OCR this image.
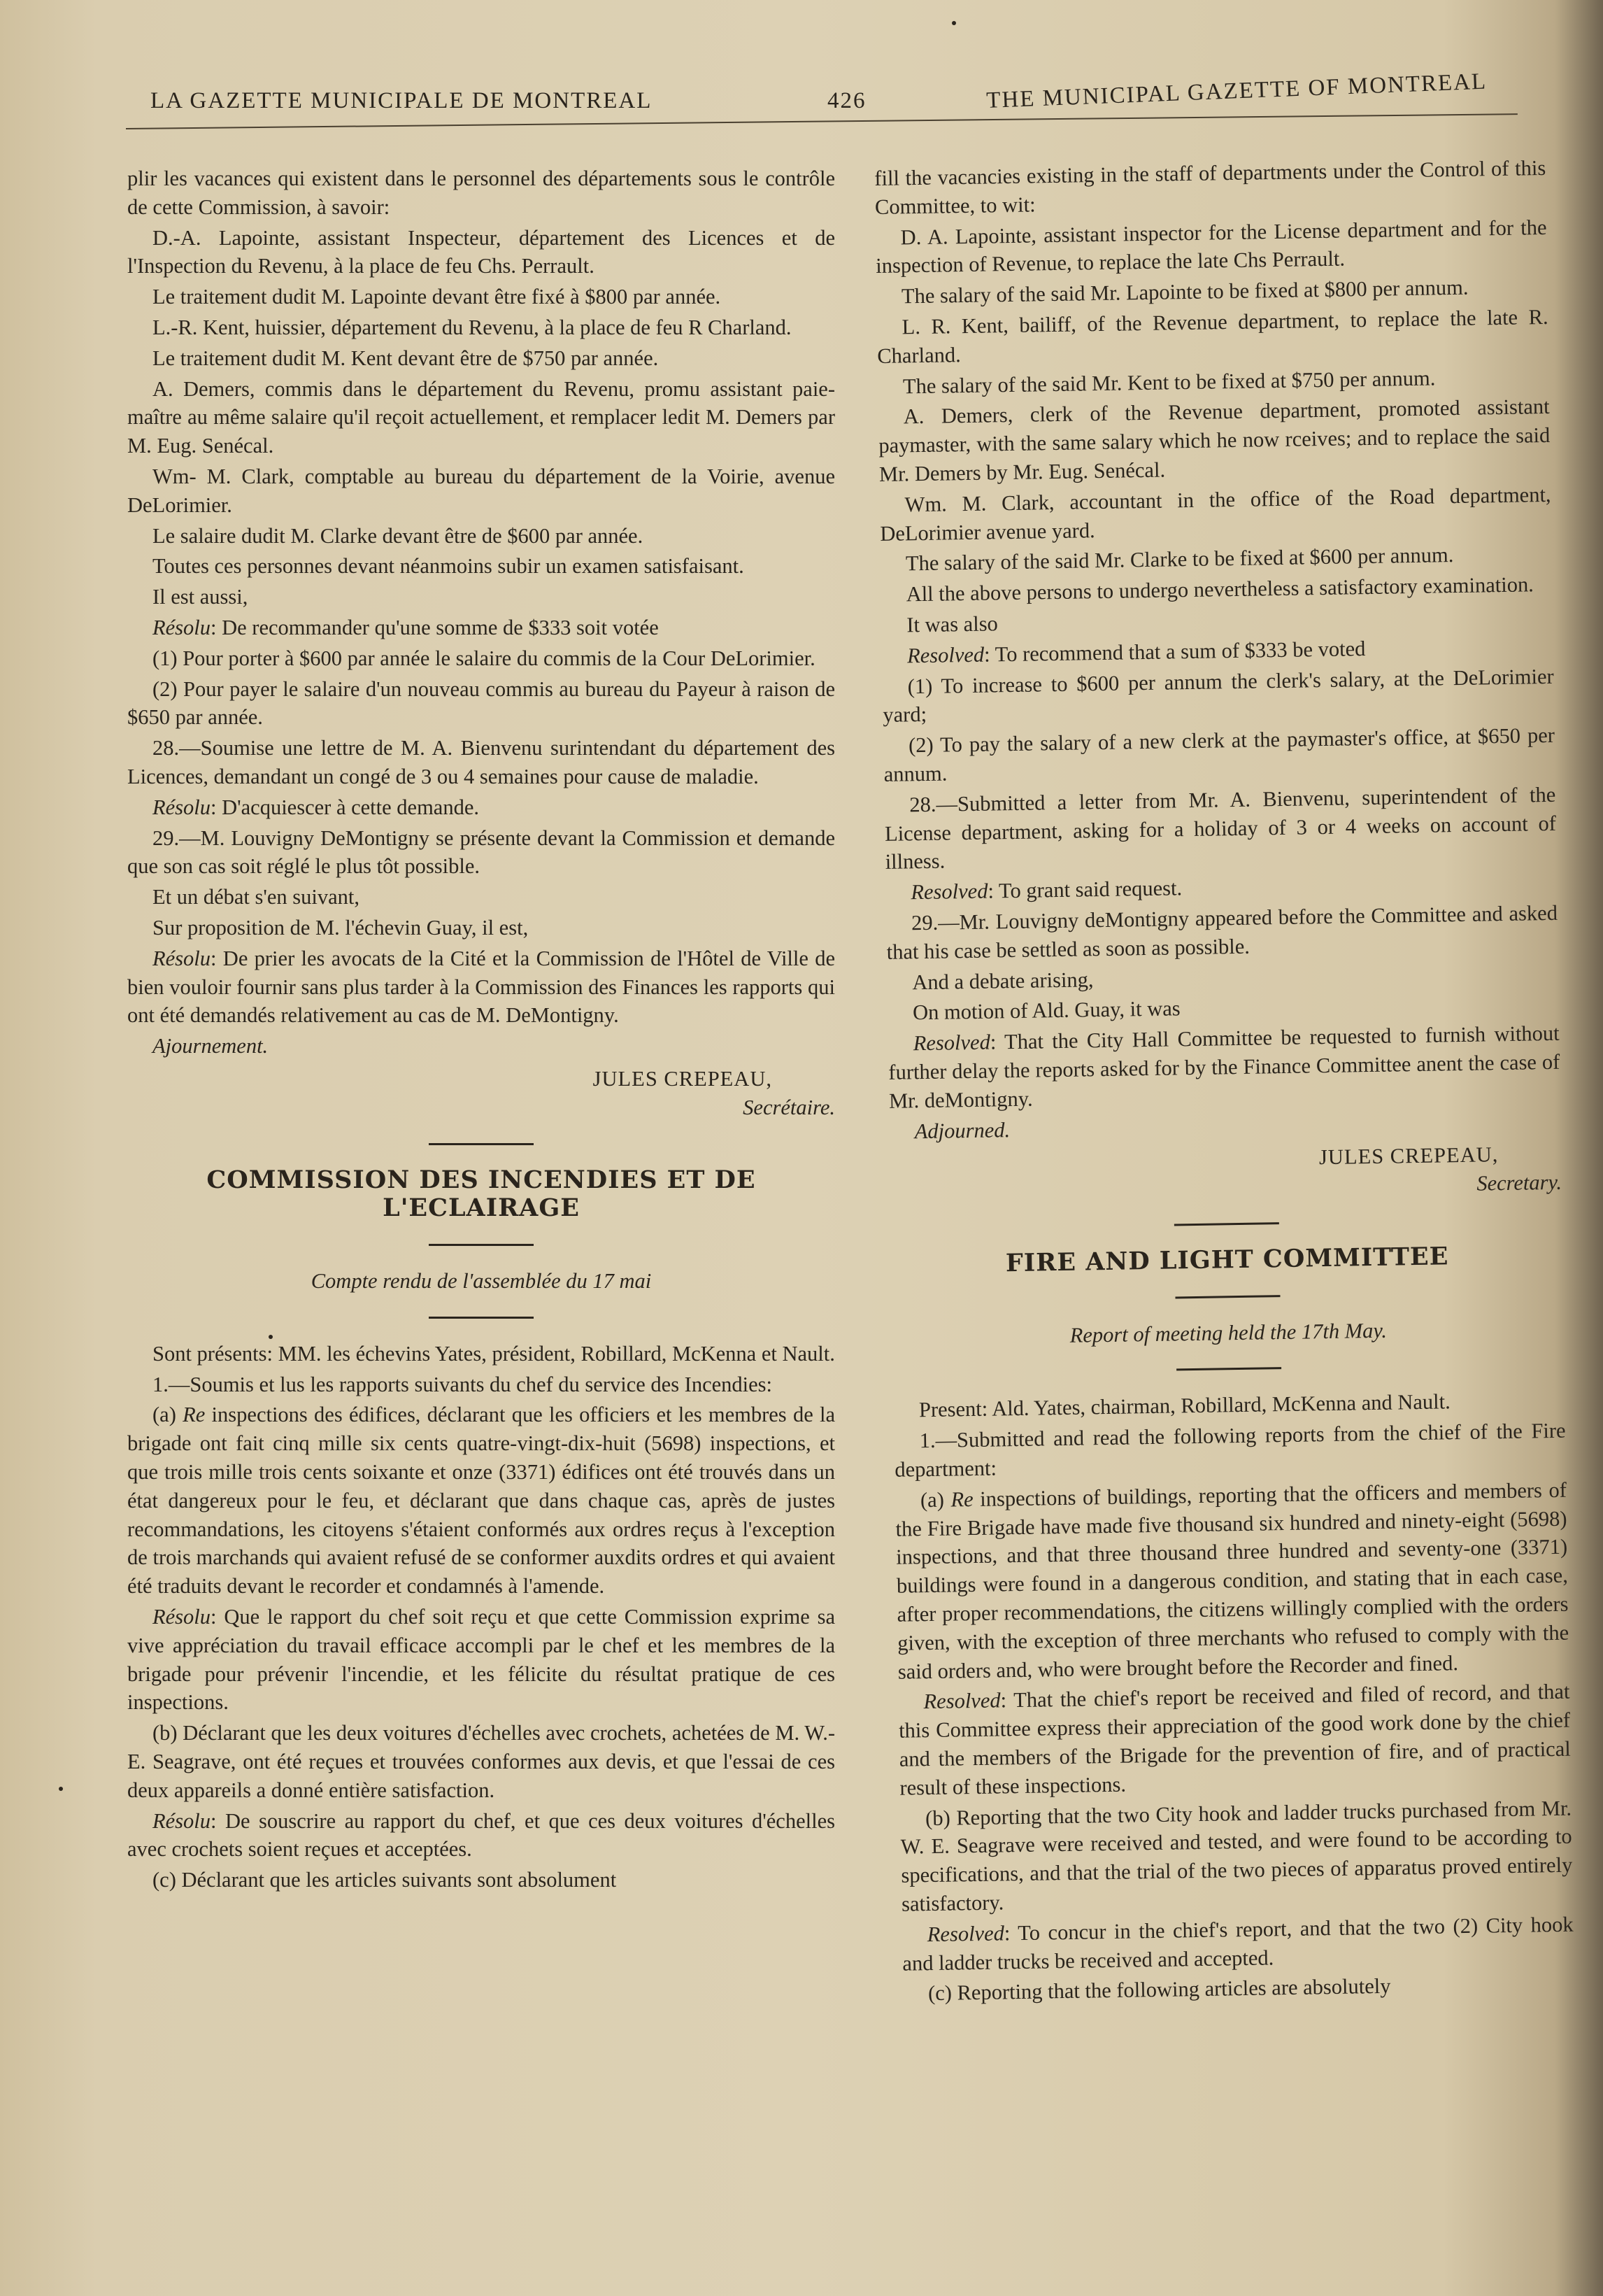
LA GAZETTE MUNICIPALE DE MONTREAL	426	THE MUNICIPAL GAZETTE OF MONTREAL

plir les vacances qui existent dans le personnel des départements sous le contrôle de cette Commission, à savoir:

D.-A. Lapointe, assistant Inspecteur, département des Licences et de l'Inspection du Revenu, à la place de feu Chs. Perrault.

Le traitement dudit M. Lapointe devant être fixé à $800 par année.

L.-R. Kent, huissier, département du Revenu, à la place de feu R Charland.

Le traitement dudit M. Kent devant être de $750 par année.

A. Demers, commis dans le département du Revenu, promu assistant paie-maître au même salaire qu'il reçoit actuellement, et remplacer ledit M. Demers par M. Eug. Senécal.

Wm- M. Clark, comptable au bureau du département de la Voirie, avenue DeLorimier.

Le salaire dudit M. Clarke devant être de $600 par année.

Toutes ces personnes devant néanmoins subir un examen satisfaisant.

Il est aussi,

Résolu: De recommander qu'une somme de $333 soit votée

(1) Pour porter à $600 par année le salaire du commis de la Cour DeLorimier.

(2) Pour payer le salaire d'un nouveau commis au bureau du Payeur à raison de $650 par année.

28.—Soumise une lettre de M. A. Bienvenu surintendant du département des Licences, demandant un congé de 3 ou 4 semaines pour cause de maladie.

Résolu: D'acquiescer à cette demande.

29.—M. Louvigny DeMontigny se présente devant la Commission et demande que son cas soit réglé le plus tôt possible.

Et un débat s'en suivant,

Sur proposition de M. l'échevin Guay, il est,

Résolu: De prier les avocats de la Cité et la Commission de l'Hôtel de Ville de bien vouloir fournir sans plus tarder à la Commission des Finances les rapports qui ont été demandés relativement au cas de M. DeMontigny.

Ajournement.

JULES CREPEAU,
Secrétaire.
COMMISSION DES INCENDIES ET DE L'ECLAIRAGE
Compte rendu de l'assemblée du 17 mai

Sont présents: MM. les échevins Yates, président, Robillard, McKenna et Nault.

1.—Soumis et lus les rapports suivants du chef du service des Incendies:

(a) Re inspections des édifices, déclarant que les officiers et les membres de la brigade ont fait cinq mille six cents quatre-vingt-dix-huit (5698) inspections, et que trois mille trois cents soixante et onze (3371) édifices ont été trouvés dans un état dangereux pour le feu, et déclarant que dans chaque cas, après de justes recommandations, les citoyens s'étaient conformés aux ordres reçus à l'exception de trois marchands qui avaient refusé de se conformer auxdits ordres et qui avaient été traduits devant le recorder et condamnés à l'amende.

Résolu: Que le rapport du chef soit reçu et que cette Commission exprime sa vive appréciation du travail efficace accompli par le chef et les membres de la brigade pour prévenir l'incendie, et les félicite du résultat pratique de ces inspections.

(b) Déclarant que les deux voitures d'échelles avec crochets, achetées de M. W.-E. Seagrave, ont été reçues et trouvées conformes aux devis, et que l'essai de ces deux appareils a donné entière satisfaction.

Résolu: De souscrire au rapport du chef, et que ces deux voitures d'échelles avec crochets soient reçues et acceptées.

(c) Déclarant que les articles suivants sont absolument

fill the vacancies existing in the staff of departments under the Control of this Committee, to wit:

D. A. Lapointe, assistant inspector for the License department and for the inspection of Revenue, to replace the late Chs Perrault.

The salary of the said Mr. Lapointe to be fixed at $800 per annum.

L. R. Kent, bailiff, of the Revenue department, to replace the late R. Charland.

The salary of the said Mr. Kent to be fixed at $750 per annum.

A. Demers, clerk of the Revenue department, promoted assistant paymaster, with the same salary which he now rceives; and to replace the said Mr. Demers by Mr. Eug. Senécal.

Wm. M. Clark, accountant in the office of the Road department, DeLorimier avenue yard.

The salary of the said Mr. Clarke to be fixed at $600 per annum.

All the above persons to undergo nevertheless a satisfactory examination.

It was also

Resolved: To recommend that a sum of $333 be voted

(1) To increase to $600 per annum the clerk's salary, at the DeLorimier yard;

(2) To pay the salary of a new clerk at the paymaster's office, at $650 per annum.

28.—Submitted a letter from Mr. A. Bienvenu, superintendent of the License department, asking for a holiday of 3 or 4 weeks on account of illness.

Resolved: To grant said request.

29.—Mr. Louvigny deMontigny appeared before the Committee and asked that his case be settled as soon as possible.

And a debate arising,

On motion of Ald. Guay, it was

Resolved: That the City Hall Committee be requested to furnish without further delay the reports asked for by the Finance Committee anent the case of Mr. deMontigny.

Adjourned.

JULES CREPEAU,
Secretary.
FIRE AND LIGHT COMMITTEE
Report of meeting held the 17th May.

Present: Ald. Yates, chairman, Robillard, McKenna and Nault.

1.—Submitted and read the following reports from the chief of the Fire department:

(a) Re inspections of buildings, reporting that the officers and members of the Fire Brigade have made five thousand six hundred and ninety-eight (5698) inspections, and that three thousand three hundred and seventy-one (3371) buildings were found in a dangerous condition, and stating that in each case, after proper recommendations, the citizens willingly complied with the orders given, with the exception of three merchants who refused to comply with the said orders and, who were brought before the Recorder and fined.

Resolved: That the chief's report be received and filed of record, and that this Committee express their appreciation of the good work done by the chief and the members of the Brigade for the prevention of fire, and of practical result of these inspections.

(b) Reporting that the two City hook and ladder trucks purchased from Mr. W. E. Seagrave were received and tested, and were found to be according to specifications, and that the trial of the two pieces of apparatus proved entirely satisfactory.

Resolved: To concur in the chief's report, and that the two (2) City hook and ladder trucks be received and accepted.

(c) Reporting that the following articles are absolutely
